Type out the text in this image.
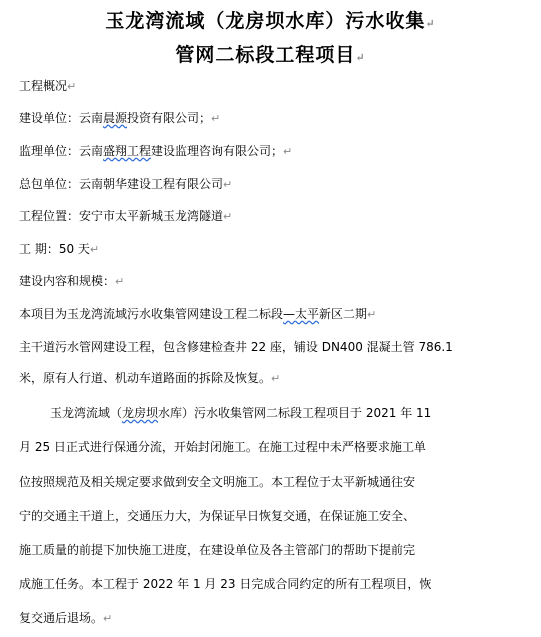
玉龙湾流域（龙房坝水库）污水收集↵
管网二标段工程项目↵
工程概况↵
建设单位：云南晨源投资有限公司；↵
监理单位：云南盛翔工程建设监理咨询有限公司；↵
总包单位：云南朝华建设工程有限公司↵
工程位置：安宁市太平新城玉龙湾隧道↵
工 期：50 天↵
建设内容和规模：↵
本项目为玉龙湾流域污水收集管网建设工程二标段—太平新区二期↵
主干道污水管网建设工程，包含修建检查井 22 座，铺设 DN400 混凝土管 786.1
米，原有人行道、机动车道路面的拆除及恢复。↵
玉龙湾流域（龙房坝水库）污水收集管网二标段工程项目于 2021 年 11
月 25 日正式进行保通分流，开始封闭施工。在施工过程中未严格要求施工单
位按照规范及相关规定要求做到安全文明施工。本工程位于太平新城通往安
宁的交通主干道上，交通压力大，为保证早日恢复交通，在保证施工安全、
施工质量的前提下加快施工进度，在建设单位及各主管部门的帮助下提前完
成施工任务。本工程于 2022 年 1 月 23 日完成合同约定的所有工程项目，恢
复交通后退场。↵
